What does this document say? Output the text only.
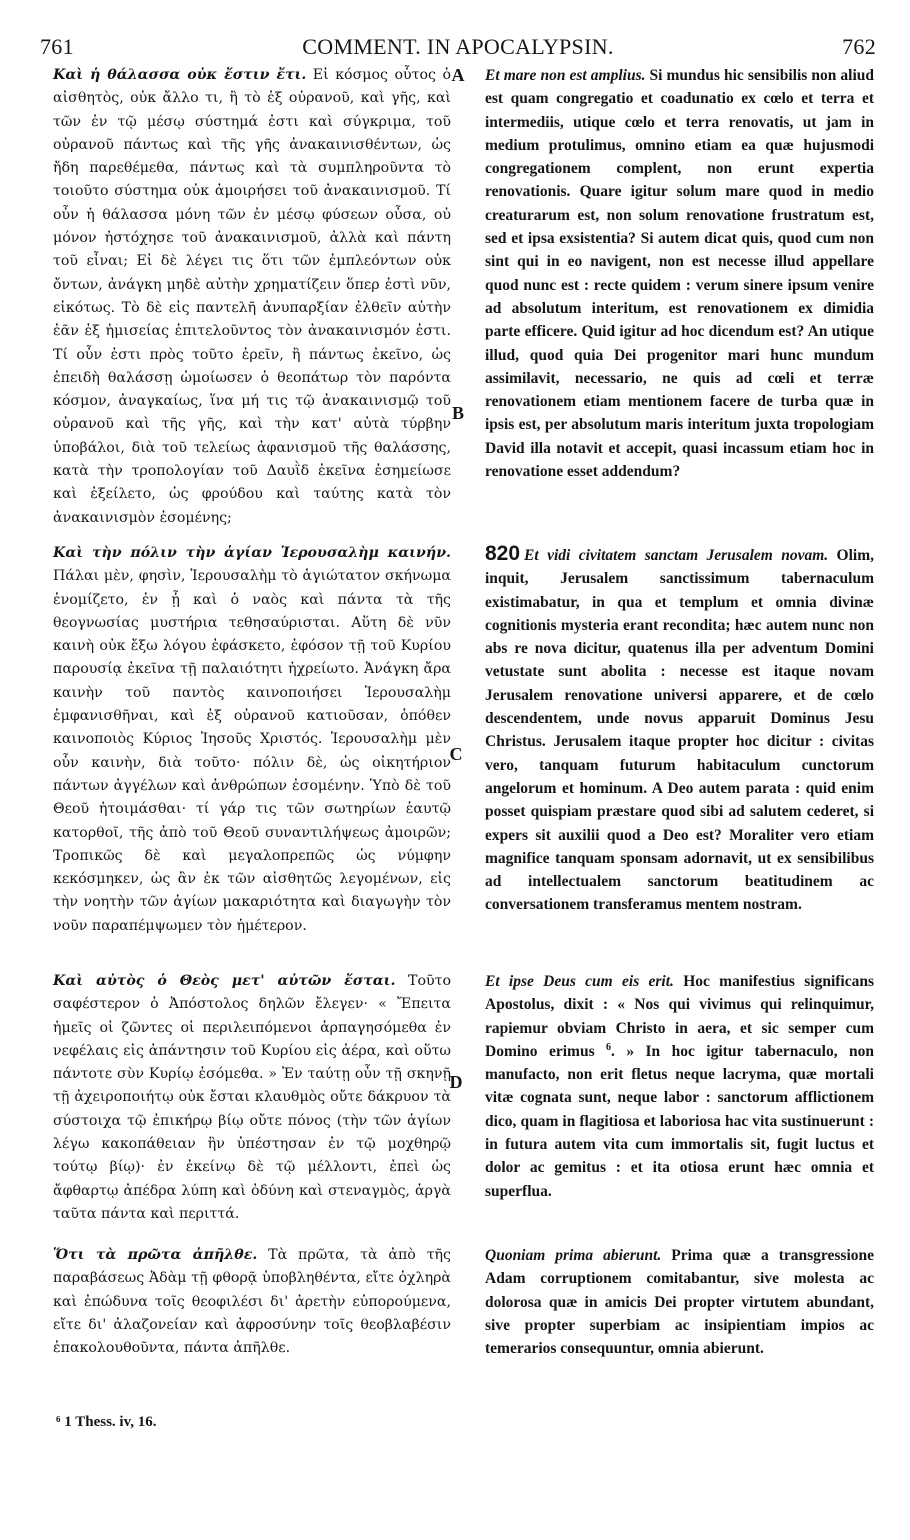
761	COMMENT. IN APOCALYPSIN.	762

Καὶ ἡ θάλασσα οὐκ ἔστιν ἔτι. Εἰ κόσμος οὗτος ὁ αἰσθητὸς, οὐκ ἄλλο τι, ἢ τὸ ἐξ οὐρανοῦ, καὶ γῆς, καὶ τῶν ἐν τῷ μέσῳ σύστημά ἐστι καὶ σύγκριμα, τοῦ οὐρανοῦ πάντως καὶ τῆς γῆς ἀνακαινισθέντων, ὡς ἤδη παρεθέμεθα, πάντως καὶ τὰ συμπληροῦντα τὸ τοιοῦτο σύστημα οὐκ ἀμοιρήσει τοῦ ἀνακαινισμοῦ. Τί οὖν ἡ θάλασσα μόνη τῶν ἐν μέσῳ φύσεων οὖσα, οὐ μόνον ἠστόχησε τοῦ ἀνακαινισμοῦ, ἀλλὰ καὶ πάντη τοῦ εἶναι; Εἰ δὲ λέγει τις ὅτι τῶν ἐμπλεόντων οὐκ ὄντων, ἀνάγκη μηδὲ αὐτὴν χρηματίζειν ὅπερ ἐστὶ νῦν, εἰκότως. Τὸ δὲ εἰς παντελῆ ἀνυπαρξίαν ἐλθεῖν αὐτὴν ἐᾶν ἐξ ἡμισείας ἐπιτελοῦντος τὸν ἀνακαινισμόν ἐστι. Τί οὖν ἐστι πρὸς τοῦτο ἐρεῖν, ἢ πάντως ἐκεῖνο, ὡς ἐπειδὴ θαλάσσῃ ὡμοίωσεν ὁ θεοπάτωρ τὸν παρόντα κόσμον, ἀναγκαίως, ἵνα μή τις τῷ ἀνακαινισμῷ τοῦ οὐρανοῦ καὶ τῆς γῆς, καὶ τὴν κατ' αὐτὰ τύρβην ὑποβάλοι, διὰ τοῦ τελείως ἀφανισμοῦ τῆς θαλάσσης, κατὰ τὴν τροπολογίαν τοῦ Δαυῒδ ἐκεῖνα ἐσημείωσε καὶ ἐξείλετο, ὡς φρούδου καὶ ταύτης κατὰ τὸν ἀνακαινισμὸν ἐσομένης;

Καὶ τὴν πόλιν τὴν ἁγίαν Ἱερουσαλὴμ καινήν. Πάλαι μὲν, φησὶν, Ἱερουσαλὴμ τὸ ἁγιώτατον σκήνωμα ἐνομίζετο, ἐν ᾗ καὶ ὁ ναὸς καὶ πάντα τὰ τῆς θεογνωσίας μυστήρια τεθησαύρισται. Αὕτη δὲ νῦν καινὴ οὐκ ἔξω λόγου ἐφάσκετο, ἐφόσον τῇ τοῦ Κυρίου παρουσίᾳ ἐκεῖνα τῇ παλαιότητι ἠχρείωτο. Ἀνάγκη ἄρα καινὴν τοῦ παντὸς καινοποιήσει Ἱερουσαλὴμ ἐμφανισθῆναι, καὶ ἐξ οὐρανοῦ κατιοῦσαν, ὁπόθεν καινοποιὸς Κύριος Ἰησοῦς Χριστός. Ἱερουσαλὴμ μὲν οὖν καινὴν, διὰ τοῦτο· πόλιν δὲ, ὡς οἰκητήριον πάντων ἀγγέλων καὶ ἀνθρώπων ἐσομένην. Ὑπὸ δὲ τοῦ Θεοῦ ἡτοιμάσθαι· τί γάρ τις τῶν σωτηρίων ἑαυτῷ κατορθοῖ, τῆς ἀπὸ τοῦ Θεοῦ συναντιλήψεως ἀμοιρῶν; Τροπικῶς δὲ καὶ μεγαλοπρεπῶς ὡς νύμφην κεκόσμηκεν, ὡς ἂν ἐκ τῶν αἰσθητῶς λεγομένων, εἰς τὴν νοητὴν τῶν ἁγίων μακαριότητα καὶ διαγωγὴν τὸν νοῦν παραπέμψωμεν τὸν ἡμέτερον.

Καὶ αὐτὸς ὁ Θεὸς μετ' αὐτῶν ἔσται. Τοῦτο σαφέστερον ὁ Ἀπόστολος δηλῶν ἔλεγεν· « Ἔπειτα ἡμεῖς οἱ ζῶντες οἱ περιλειπόμενοι ἁρπαγησόμεθα ἐν νεφέλαις εἰς ἀπάντησιν τοῦ Κυρίου εἰς ἀέρα, καὶ οὕτω πάντοτε σὺν Κυρίῳ ἐσόμεθα. » Ἐν ταύτῃ οὖν τῇ σκηνῇ τῇ ἀχειροποιήτῳ οὐκ ἔσται κλαυθμὸς οὔτε δάκρυον τὰ σύστοιχα τῷ ἐπικήρῳ βίῳ οὔτε πόνος (τὴν τῶν ἁγίων λέγω κακοπάθειαν ἣν ὑπέστησαν ἐν τῷ μοχθηρῷ τούτῳ βίῳ)· ἐν ἐκείνῳ δὲ τῷ μέλλοντι, ἐπεὶ ὡς ἄφθαρτῳ ἀπέδρα λύπη καὶ ὀδύνη καὶ στεναγμὸς, ἀργὰ ταῦτα πάντα καὶ περιττά.

Ὅτι τὰ πρῶτα ἀπῆλθε. Τὰ πρῶτα, τὰ ἀπὸ τῆς παραβάσεως Ἀδὰμ τῇ φθορᾷ ὑποβληθέντα, εἴτε ὀχληρὰ καὶ ἐπώδυνα τοῖς θεοφιλέσι δι' ἀρετὴν εὐπορούμενα, εἴτε δι' ἀλαζονείαν καὶ ἀφροσύνην τοῖς θεοβλαβέσιν ἐπακολουθοῦντα, πάντα ἀπῆλθε.

A
B
C
D

Et mare non est amplius. Si mundus hic sensibilis non aliud est quam congregatio et coadunatio ex cœlo et terra et intermediis, utique cœlo et terra renovatis, ut jam in medium protulimus, omnino etiam ea quæ hujusmodi congregationem complent, non erunt expertia renovationis. Quare igitur solum mare quod in medio creaturarum est, non solum renovatione frustratum est, sed et ipsa exsistentia? Si autem dicat quis, quod cum non sint qui in eo navigent, non est necesse illud appellare quod nunc est : recte quidem : verum sinere ipsum venire ad absolutum interitum, est renovationem ex dimidia parte efficere. Quid igitur ad hoc dicendum est? An utique illud, quod quia Dei progenitor mari hunc mundum assimilavit, necessario, ne quis ad cœli et terræ renovationem etiam mentionem facere de turba quæ in ipsis est, per absolutum maris interitum juxta tropologiam David illa notavit et accepit, quasi incassum etiam hoc in renovatione esset addendum?

820 Et vidi civitatem sanctam Jerusalem novam. Olim, inquit, Jerusalem sanctissimum tabernaculum existimabatur, in qua et templum et omnia divinæ cognitionis mysteria erant recondita; hæc autem nunc non abs re nova dicitur, quatenus illa per adventum Domini vetustate sunt abolita : necesse est itaque novam Jerusalem renovatione universi apparere, et de cœlo descendentem, unde novus apparuit Dominus Jesu Christus. Jerusalem itaque propter hoc dicitur : civitas vero, tanquam futurum habitaculum cunctorum angelorum et hominum. A Deo autem parata : quid enim posset quispiam præstare quod sibi ad salutem cederet, si expers sit auxilii quod a Deo est? Moraliter vero etiam magnifice tanquam sponsam adornavit, ut ex sensibilibus ad intellectualem sanctorum beatitudinem ac conversationem transferamus mentem nostram.

Et ipse Deus cum eis erit. Hoc manifestius significans Apostolus, dixit : « Nos qui vivimus qui relinquimur, rapiemur obviam Christo in aera, et sic semper cum Domino erimus $^6$. » In hoc igitur tabernaculo, non manufacto, non erit fletus neque lacryma, quæ mortali vitæ cognata sunt, neque labor : sanctorum afflictionem dico, quam in flagitiosa et laboriosa hac vita sustinuerunt : in futura autem vita cum immortalis sit, fugit luctus et dolor ac gemitus : et ita otiosa erunt hæc omnia et superflua.

Quoniam prima abierunt. Prima quæ a transgressione Adam corruptionem comitabantur, sive molesta ac dolorosa quæ in amicis Dei propter virtutem abundant, sive propter superbiam ac insipientiam impios ac temerarios consequuntur, omnia abierunt.

⁶ 1 Thess. iv, 16.
